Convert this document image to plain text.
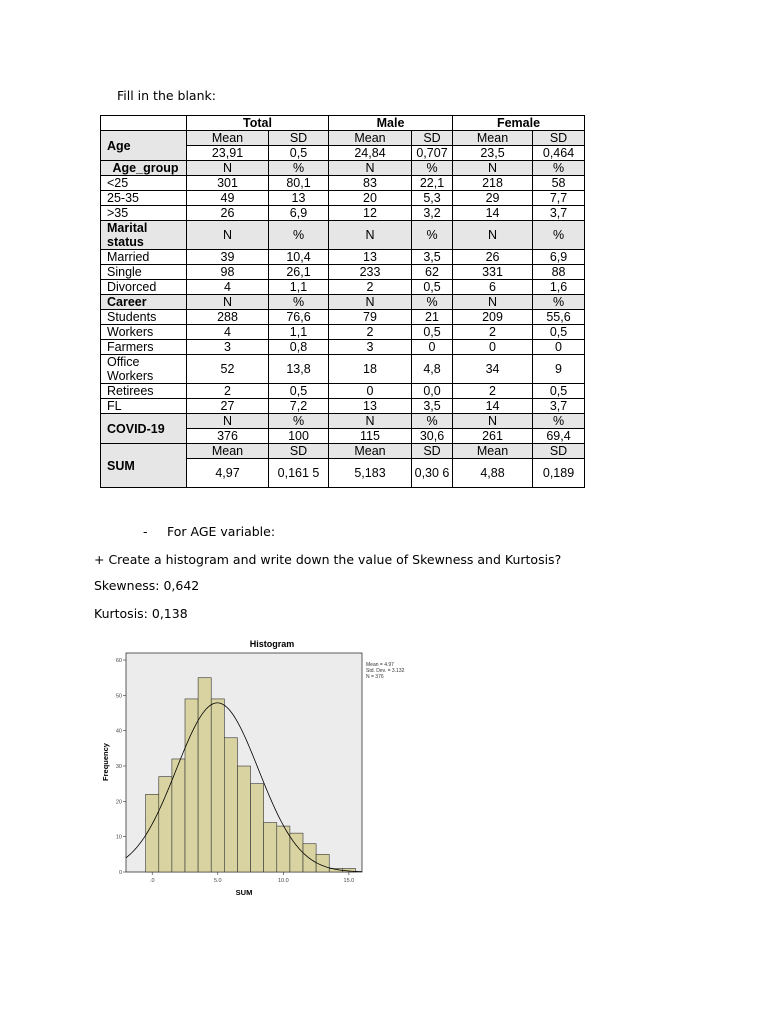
Fill in the blank:

	Total		Male		Female	
Age	Mean	SD	Mean	SD	Mean	SD
	23,91	0,5	24,84	0,707	23,5	0,464
Age_group	N	%	N	%	N	%
<25	301	80,1	83	22,1	218	58
25-35	49	13	20	5,3	29	7,7
>35	26	6,9	12	3,2	14	3,7
Marital status	N	%	N	%	N	%
Married	39	10,4	13	3,5	26	6,9
Single	98	26,1	233	62	331	88
Divorced	4	1,1	2	0,5	6	1,6
Career	N	%	N	%	N	%
Students	288	76,6	79	21	209	55,6
Workers	4	1,1	2	0,5	2	0,5
Farmers	3	0,8	3	0	0	0
Office Workers	52	13,8	18	4,8	34	9
Retirees	2	0,5	0	0,0	2	0,5
FL	27	7,2	13	3,5	14	3,7
COVID-19	N	%	N	%	N	%
	376	100	115	30,6	261	69,4
SUM	Mean	SD	Mean	SD	Mean	SD
	4,97	0,161 5	5,183	0,30 6	4,88	0,189
- For AGE variable:

+ Create a histogram and write down the value of Skewness and Kurtosis?

Skewness: 0,642

Kurtosis: 0,138

Histogram
SUM
Frequency
0
10
20
30
40
50
60
.0	5.0	10.0	15.0
Mean = 4.97
Std. Dev. = 3.132
N = 376
